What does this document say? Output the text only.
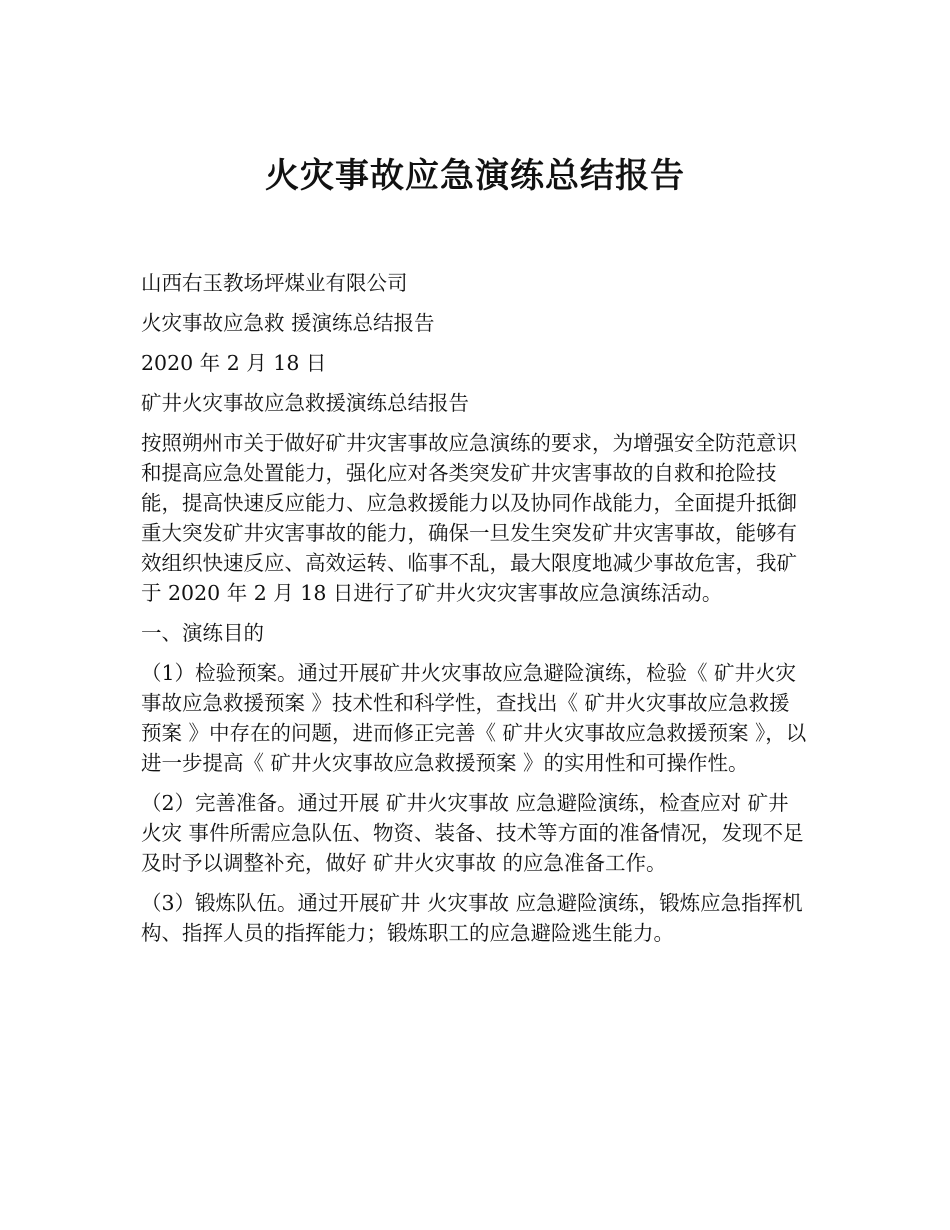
火灾事故应急演练总结报告

山西右玉教场坪煤业有限公司

火灾事故应急救 援演练总结报告

2020 年 2 月 18 日

矿井火灾事故应急救援演练总结报告

按照朔州市关于做好矿井灾害事故应急演练的要求，为增强安全防范意识和提高应急处置能力，强化应对各类突发矿井灾害事故的自救和抢险技能，提高快速反应能力、应急救援能力以及协同作战能力，全面提升抵御重大突发矿井灾害事故的能力，确保一旦发生突发矿井灾害事故，能够有效组织快速反应、高效运转、临事不乱，最大限度地减少事故危害，我矿于 2020 年 2 月 18 日进行了矿井火灾灾害事故应急演练活动。

一、演练目的

（1）检验预案。通过开展矿井火灾事故应急避险演练，检验《 矿井火灾事故应急救援预案 》技术性和科学性，查找出《 矿井火灾事故应急救援预案 》中存在的问题，进而修正完善《 矿井火灾事故应急救援预案 》，以进一步提高《 矿井火灾事故应急救援预案 》的实用性和可操作性。

（2）完善准备。通过开展 矿井火灾事故 应急避险演练，检查应对 矿井火灾 事件所需应急队伍、物资、装备、技术等方面的准备情况，发现不足及时予以调整补充，做好 矿井火灾事故 的应急准备工作。

（3）锻炼队伍。通过开展矿井 火灾事故 应急避险演练，锻炼应急指挥机构、指挥人员的指挥能力；锻炼职工的应急避险逃生能力。
